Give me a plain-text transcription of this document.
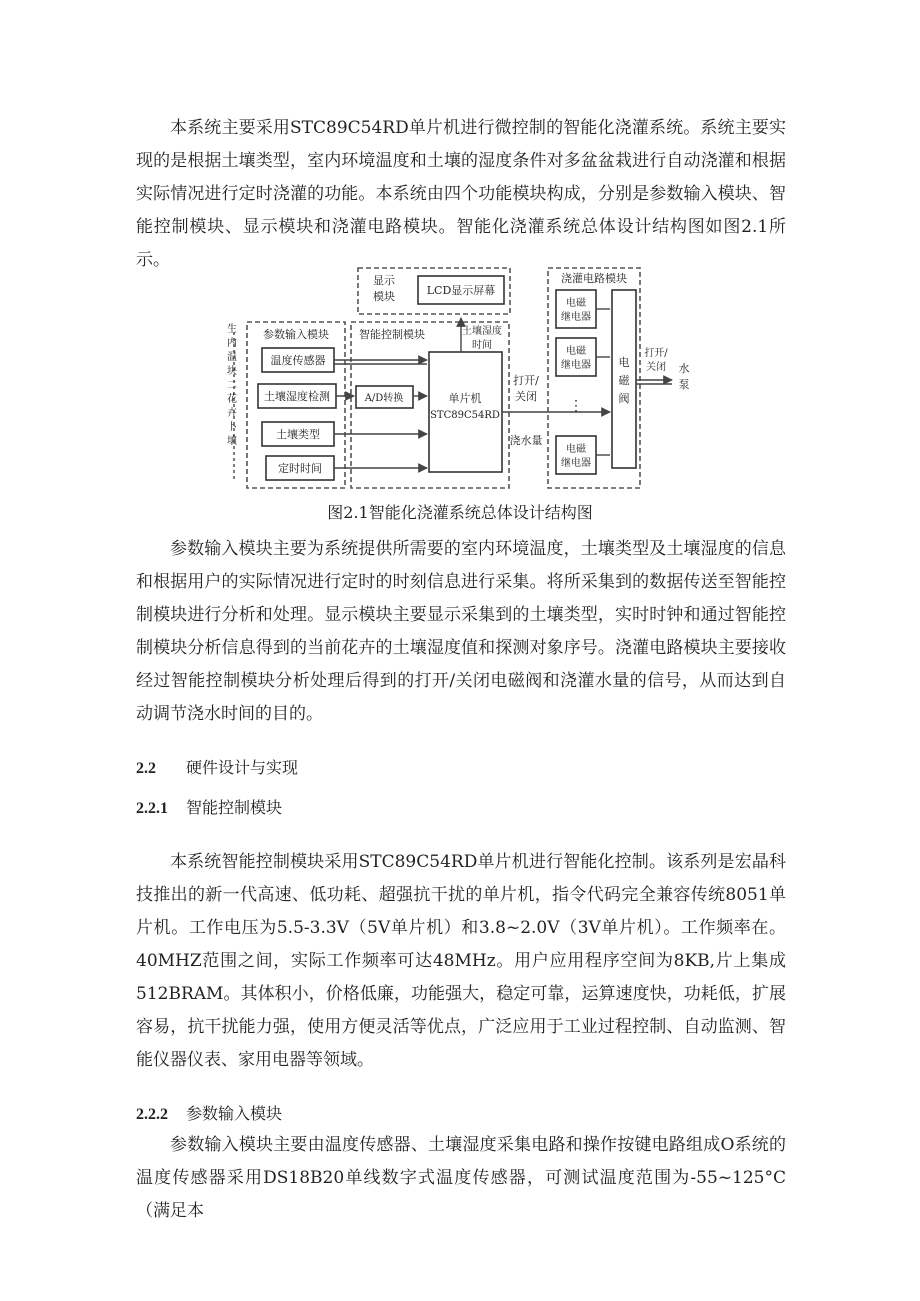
本系统主要采用STC89C54RD单片机进行微控制的智能化浇灌系统。系统主要实现的是根据土壤类型，室内环境温度和土壤的湿度条件对多盆盆栽进行自动浇灌和根据实际情况进行定时浇灌的功能。本系统由四个功能模块构成，分别是参数输入模块、智能控制模块、显示模块和浇灌电路模块。智能化浇灌系统总体设计结构图如图2.1所示。

显示
模块	LCD显示屏幕
参数输入模块
温度传感器
土壤湿度检测
土壤类型
定时时间
生
内
温
块
二
花
卉
卜
壤
智能控制模块
A/D转换	单片机
STC89C54RD
土壤湿度
时间
打开/
关闭
浇水量
浇灌电路模块
电磁
继电器
电磁
继电器
⋮
电磁
继电器
电
磁
阀
打开/
关闭 水
泵

图2.1智能化浇灌系统总体设计结构图

参数输入模块主要为系统提供所需要的室内环境温度，土壤类型及土壤湿度的信息和根据用户的实际情况进行定时的时刻信息进行采集。将所采集到的数据传送至智能控制模块进行分析和处理。显示模块主要显示采集到的土壤类型，实时时钟和通过智能控制模块分析信息得到的当前花卉的土壤湿度值和探测对象序号。浇灌电路模块主要接收经过智能控制模块分析处理后得到的打开/关闭电磁阀和浇灌水量的信号，从而达到自动调节浇水时间的目的。

2.2 硬件设计与实现
2.2.1 智能控制模块

本系统智能控制模块采用STC89C54RD单片机进行智能化控制。该系列是宏晶科技推出的新一代高速、低功耗、超强抗干扰的单片机，指令代码完全兼容传统8051单片机。工作电压为5.5-3.3V（5V单片机）和3.8~2.0V（3V单片机）。工作频率在。40MHZ范围之间，实际工作频率可达48MHz。用户应用程序空间为8KB,片上集成512BRAM。其体积小，价格低廉，功能强大，稳定可靠，运算速度快，功耗低，扩展容易，抗干扰能力强，使用方便灵活等优点，广泛应用于工业过程控制、自动监测、智能仪器仪表、家用电器等领域。

2.2.2 参数输入模块

参数输入模块主要由温度传感器、土壤湿度采集电路和操作按键电路组成O系统的温度传感器采用DS18B20单线数字式温度传感器，可测试温度范围为-55~125°C（满足本
